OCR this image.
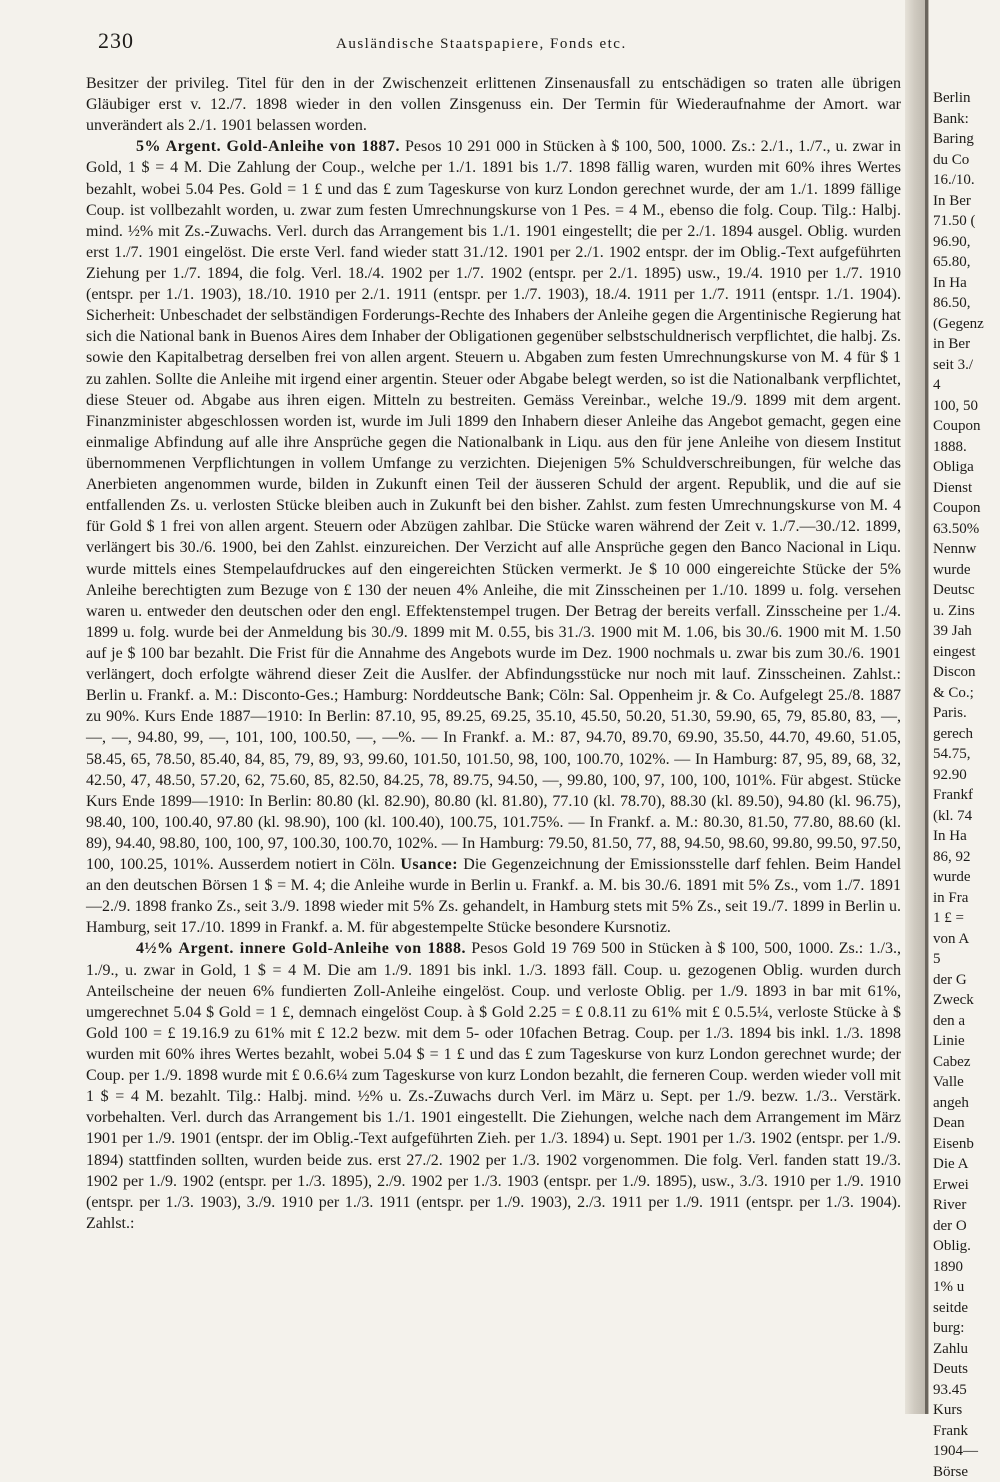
230	Ausländische Staatspapiere, Fonds etc.

Besitzer der privileg. Titel für den in der Zwischenzeit erlittenen Zinsenausfall zu entschädigen so traten alle übrigen Gläubiger erst v. 12./7. 1898 wieder in den vollen Zinsgenuss ein. Der Termin für Wiederaufnahme der Amort. war unverändert als 2./1. 1901 belassen worden.

5% Argent. Gold-Anleihe von 1887. Pesos 10 291 000 in Stücken à $ 100, 500, 1000. Zs.: 2./1., 1./7., u. zwar in Gold, 1 $ = 4 M. Die Zahlung der Coup., welche per 1./1. 1891 bis 1./7. 1898 fällig waren, wurden mit 60% ihres Wertes bezahlt, wobei 5.04 Pes. Gold = 1 £ und das £ zum Tageskurse von kurz London gerechnet wurde, der am 1./1. 1899 fällige Coup. ist vollbezahlt worden, u. zwar zum festen Umrechnungskurse von 1 Pes. = 4 M., ebenso die folg. Coup. Tilg.: Halbj. mind. ½% mit Zs.-Zuwachs. Verl. durch das Arrangement bis 1./1. 1901 eingestellt; die per 2./1. 1894 ausgel. Oblig. wurden erst 1./7. 1901 eingelöst. Die erste Verl. fand wieder statt 31./12. 1901 per 2./1. 1902 entspr. der im Oblig.-Text aufgeführten Ziehung per 1./7. 1894, die folg. Verl. 18./4. 1902 per 1./7. 1902 (entspr. per 2./1. 1895) usw., 19./4. 1910 per 1./7. 1910 (entspr. per 1./1. 1903), 18./10. 1910 per 2./1. 1911 (entspr. per 1./7. 1903), 18./4. 1911 per 1./7. 1911 (entspr. 1./1. 1904). Sicherheit: Unbeschadet der selbständigen Forderungs-Rechte des Inhabers der Anleihe gegen die Argentinische Regierung hat sich die National bank in Buenos Aires dem Inhaber der Obligationen gegenüber selbstschuldnerisch verpflichtet, die halbj. Zs. sowie den Kapitalbetrag derselben frei von allen argent. Steuern u. Abgaben zum festen Umrechnungskurse von M. 4 für $ 1 zu zahlen. Sollte die Anleihe mit irgend einer argentin. Steuer oder Abgabe belegt werden, so ist die Nationalbank verpflichtet, diese Steuer od. Abgabe aus ihren eigen. Mitteln zu bestreiten. Gemäss Vereinbar., welche 19./9. 1899 mit dem argent. Finanzminister abgeschlossen worden ist, wurde im Juli 1899 den Inhabern dieser Anleihe das Angebot gemacht, gegen eine einmalige Abfindung auf alle ihre Ansprüche gegen die Nationalbank in Liqu. aus den für jene Anleihe von diesem Institut übernommenen Verpflichtungen in vollem Umfange zu verzichten. Diejenigen 5% Schuldverschreibungen, für welche das Anerbieten angenommen wurde, bilden in Zukunft einen Teil der äusseren Schuld der argent. Republik, und die auf sie entfallenden Zs. u. verlosten Stücke bleiben auch in Zukunft bei den bisher. Zahlst. zum festen Umrechnungskurse von M. 4 für Gold $ 1 frei von allen argent. Steuern oder Abzügen zahlbar. Die Stücke waren während der Zeit v. 1./7.—30./12. 1899, verlängert bis 30./6. 1900, bei den Zahlst. einzureichen. Der Verzicht auf alle Ansprüche gegen den Banco Nacional in Liqu. wurde mittels eines Stempelaufdruckes auf den eingereichten Stücken vermerkt. Je $ 10 000 eingereichte Stücke der 5% Anleihe berechtigten zum Bezuge von £ 130 der neuen 4% Anleihe, die mit Zinsscheinen per 1./10. 1899 u. folg. versehen waren u. entweder den deutschen oder den engl. Effektenstempel trugen. Der Betrag der bereits verfall. Zinsscheine per 1./4. 1899 u. folg. wurde bei der Anmeldung bis 30./9. 1899 mit M. 0.55, bis 31./3. 1900 mit M. 1.06, bis 30./6. 1900 mit M. 1.50 auf je $ 100 bar bezahlt. Die Frist für die Annahme des Angebots wurde im Dez. 1900 nochmals u. zwar bis zum 30./6. 1901 verlängert, doch erfolgte während dieser Zeit die Auslfer. der Abfindungsstücke nur noch mit lauf. Zinsscheinen. Zahlst.: Berlin u. Frankf. a. M.: Disconto-Ges.; Hamburg: Norddeutsche Bank; Cöln: Sal. Oppenheim jr. & Co. Aufgelegt 25./8. 1887 zu 90%. Kurs Ende 1887—1910: In Berlin: 87.10, 95, 89.25, 69.25, 35.10, 45.50, 50.20, 51.30, 59.90, 65, 79, 85.80, 83, —, —, —, 94.80, 99, —, 101, 100, 100.50, —, —%. — In Frankf. a. M.: 87, 94.70, 89.70, 69.90, 35.50, 44.70, 49.60, 51.05, 58.45, 65, 78.50, 85.40, 84, 85, 79, 89, 93, 99.60, 101.50, 101.50, 98, 100, 100.70, 102%. — In Hamburg: 87, 95, 89, 68, 32, 42.50, 47, 48.50, 57.20, 62, 75.60, 85, 82.50, 84.25, 78, 89.75, 94.50, —, 99.80, 100, 97, 100, 100, 101%. Für abgest. Stücke Kurs Ende 1899—1910: In Berlin: 80.80 (kl. 82.90), 80.80 (kl. 81.80), 77.10 (kl. 78.70), 88.30 (kl. 89.50), 94.80 (kl. 96.75), 98.40, 100, 100.40, 97.80 (kl. 98.90), 100 (kl. 100.40), 100.75, 101.75%. — In Frankf. a. M.: 80.30, 81.50, 77.80, 88.60 (kl. 89), 94.40, 98.80, 100, 100, 97, 100.30, 100.70, 102%. — In Hamburg: 79.50, 81.50, 77, 88, 94.50, 98.60, 99.80, 99.50, 97.50, 100, 100.25, 101%. Ausserdem notiert in Cöln. Usance: Die Gegenzeichnung der Emissionsstelle darf fehlen. Beim Handel an den deutschen Börsen 1 $ = M. 4; die Anleihe wurde in Berlin u. Frankf. a. M. bis 30./6. 1891 mit 5% Zs., vom 1./7. 1891—2./9. 1898 franko Zs., seit 3./9. 1898 wieder mit 5% Zs. gehandelt, in Hamburg stets mit 5% Zs., seit 19./7. 1899 in Berlin u. Hamburg, seit 17./10. 1899 in Frankf. a. M. für abgestempelte Stücke besondere Kursnotiz.

4½% Argent. innere Gold-Anleihe von 1888. Pesos Gold 19 769 500 in Stücken à $ 100, 500, 1000. Zs.: 1./3., 1./9., u. zwar in Gold, 1 $ = 4 M. Die am 1./9. 1891 bis inkl. 1./3. 1893 fäll. Coup. u. gezogenen Oblig. wurden durch Anteilscheine der neuen 6% fundierten Zoll-Anleihe eingelöst. Coup. und verloste Oblig. per 1./9. 1893 in bar mit 61%, umgerechnet 5.04 $ Gold = 1 £, demnach eingelöst Coup. à $ Gold 2.25 = £ 0.8.11 zu 61% mit £ 0.5.5¼, verloste Stücke à $ Gold 100 = £ 19.16.9 zu 61% mit £ 12.2 bezw. mit dem 5- oder 10fachen Betrag. Coup. per 1./3. 1894 bis inkl. 1./3. 1898 wurden mit 60% ihres Wertes bezahlt, wobei 5.04 $ = 1 £ und das £ zum Tageskurse von kurz London gerechnet wurde; der Coup. per 1./9. 1898 wurde mit £ 0.6.6¼ zum Tageskurse von kurz London bezahlt, die ferneren Coup. werden wieder voll mit 1 $ = 4 M. bezahlt. Tilg.: Halbj. mind. ½% u. Zs.-Zuwachs durch Verl. im März u. Sept. per 1./9. bezw. 1./3.. Verstärk. vorbehalten. Verl. durch das Arrangement bis 1./1. 1901 eingestellt. Die Ziehungen, welche nach dem Arrangement im März 1901 per 1./9. 1901 (entspr. der im Oblig.-Text aufgeführten Zieh. per 1./3. 1894) u. Sept. 1901 per 1./3. 1902 (entspr. per 1./9. 1894) stattfinden sollten, wurden beide zus. erst 27./2. 1902 per 1./3. 1902 vorgenommen. Die folg. Verl. fanden statt 19./3. 1902 per 1./9. 1902 (entspr. per 1./3. 1895), 2./9. 1902 per 1./3. 1903 (entspr. per 1./9. 1895), usw., 3./3. 1910 per 1./9. 1910 (entspr. per 1./3. 1903), 3./9. 1910 per 1./3. 1911 (entspr. per 1./9. 1903), 2./3. 1911 per 1./9. 1911 (entspr. per 1./3. 1904). Zahlst.:

Berlin
Bank:
Baring
du Co
16./10.
In Ber
71.50 (
96.90,
65.80,
In Ha
86.50,
(Gegenz
in Ber
seit 3./
4
100, 50
Coupon
1888.
Obliga
Dienst
Coupon
63.50%
Nennw
wurde
Deutsc
u. Zins
39 Jah
eingest
Discon
& Co.;
Paris.
gerech
54.75,
92.90
Frankf
(kl. 74
In Ha
86, 92
wurde
in Fra
1 £ =
von A
5
der G
Zweck
den a
Linie
Cabez
Valle
angeh
Dean
Eisenb
Die A
Erwei
River
der O
Oblig.
1890
1% u
seitde
burg:
Zahlu
Deuts
93.45
Kurs
Frank
1904—
Börse
